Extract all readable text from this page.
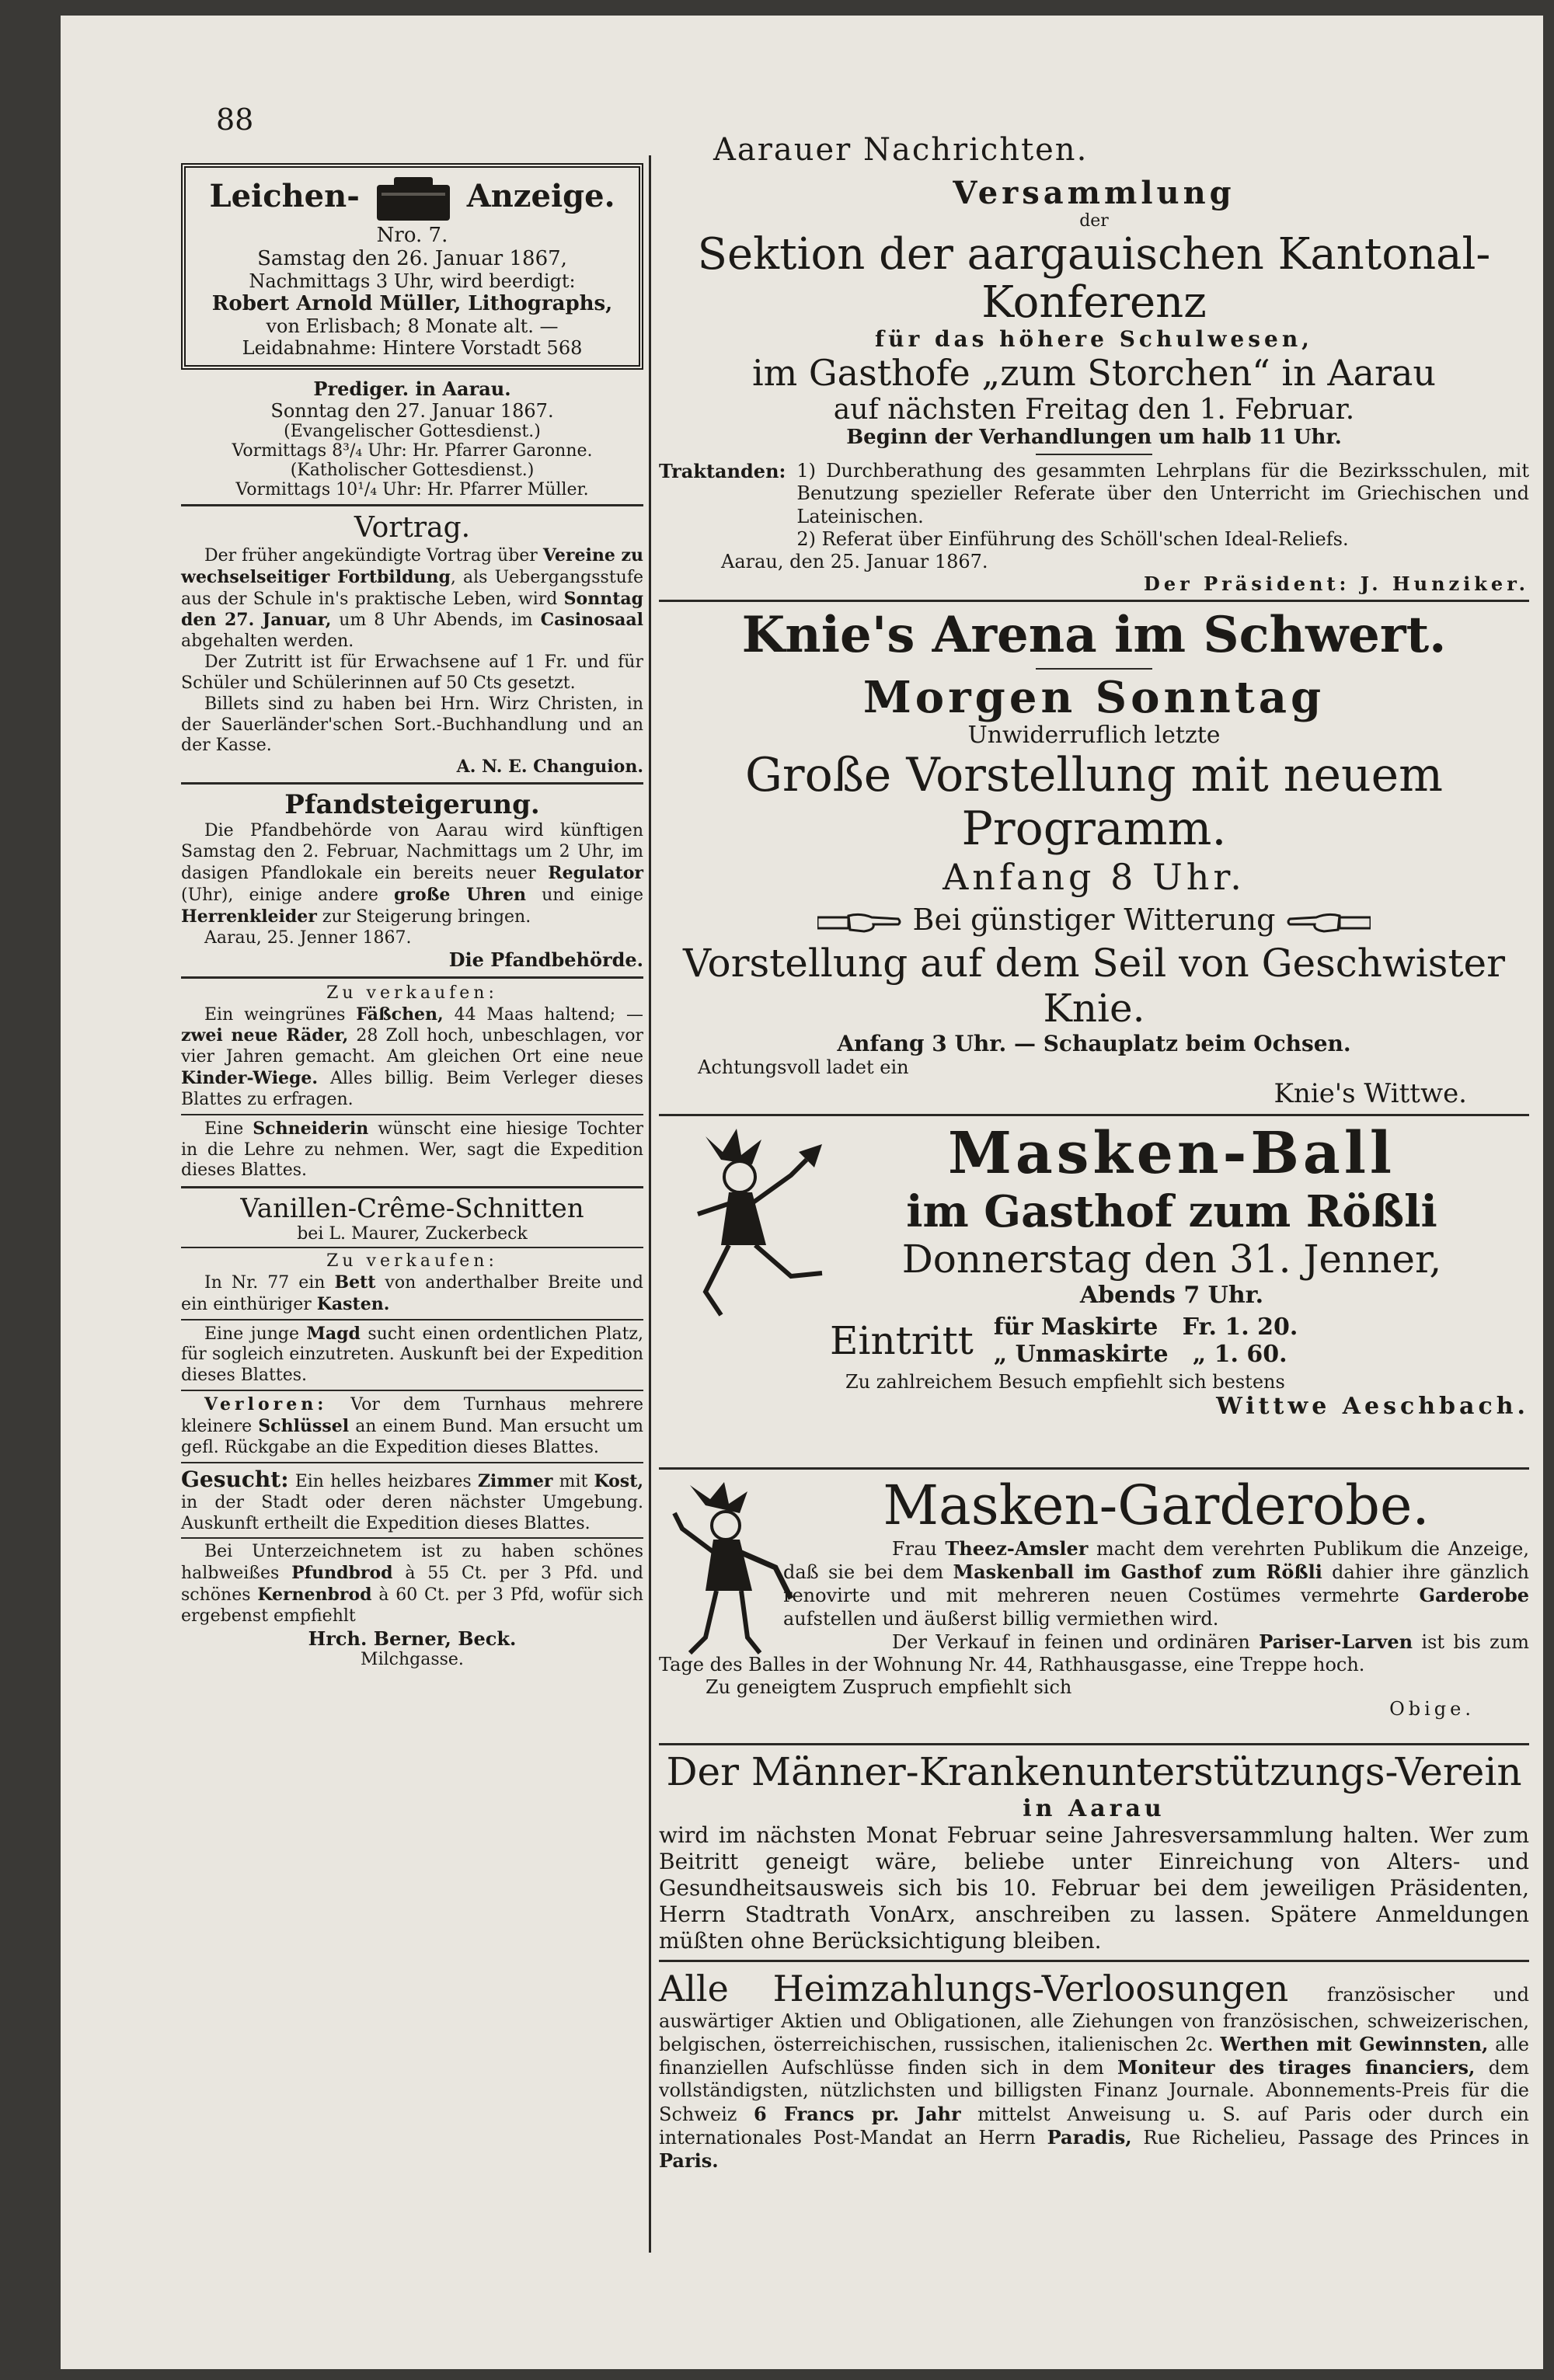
88
Aarauer Nachrichten.
Leichen-	Anzeige.

Nro. 7.

Samstag den 26. Januar 1867,

Nachmittags 3 Uhr, wird beerdigt:

Robert Arnold Müller, Lithographs,

von Erlisbach; 8 Monate alt. —

Leidabnahme: Hintere Vorstadt 568

Prediger. in Aarau.

Sonntag den 27. Januar 1867.

(Evangelischer Gottesdienst.)

Vormittags 8³/₄ Uhr: Hr. Pfarrer Garonne.

(Katholischer Gottesdienst.)

Vormittags 10¹/₄ Uhr: Hr. Pfarrer Müller.

Vortrag.

Der früher angekündigte Vortrag über Vereine zu wechselseitiger Fortbildung, als Uebergangsstufe aus der Schule in's praktische Leben, wird Sonntag den 27. Januar, um 8 Uhr Abends, im Casinosaal abgehalten werden.

Der Zutritt ist für Erwachsene auf 1 Fr. und für Schüler und Schülerinnen auf 50 Cts gesetzt.

Billets sind zu haben bei Hrn. Wirz Christen, in der Sauerländer'schen Sort.-Buchhandlung und an der Kasse.

A. N. E. Changuion.

Pfandsteigerung.

Die Pfandbehörde von Aarau wird künftigen Samstag den 2. Februar, Nachmittags um 2 Uhr, im dasigen Pfandlokale ein bereits neuer Regulator (Uhr), einige andere große Uhren und einige Herrenkleider zur Steigerung bringen.

Aarau, 25. Jenner 1867.

Die Pfandbehörde.

Zu verkaufen:

Ein weingrünes Fäßchen, 44 Maas haltend; — zwei neue Räder, 28 Zoll hoch, unbeschlagen, vor vier Jahren gemacht. Am gleichen Ort eine neue Kinder-Wiege. Alles billig. Beim Verleger dieses Blattes zu erfragen.

Eine Schneiderin wünscht eine hiesige Tochter in die Lehre zu nehmen. Wer, sagt die Expedition dieses Blattes.

Vanillen-Crême-Schnitten

bei L. Maurer, Zuckerbeck

Zu verkaufen:

In Nr. 77 ein Bett von anderthalber Breite und ein einthüriger Kasten.

Eine junge Magd sucht einen ordentlichen Platz, für sogleich einzutreten. Auskunft bei der Expedition dieses Blattes.

Verloren: Vor dem Turnhaus mehrere kleinere Schlüssel an einem Bund. Man ersucht um gefl. Rückgabe an die Expedition dieses Blattes.

Gesucht: Ein helles heizbares Zimmer mit Kost, in der Stadt oder deren nächster Umgebung. Auskunft ertheilt die Expedition dieses Blattes.

Bei Unterzeichnetem ist zu haben schönes halbweißes Pfundbrod à 55 Ct. per 3 Pfd. und schönes Kernenbrod à 60 Ct. per 3 Pfd, wofür sich ergebenst empfiehlt

Hrch. Berner, Beck.

Milchgasse.

Versammlung

der

Sektion der aargauischen Kantonal-Konferenz

für das höhere Schulwesen,

im Gasthofe „zum Storchen“ in Aarau

auf nächsten Freitag den 1. Februar.

Beginn der Verhandlungen um halb 11 Uhr.

Traktanden: 1) Durchberathung des gesammten Lehrplans für die Bezirksschulen, mit Benutzung spezieller Referate über den Unterricht im Griechischen und Lateinischen.

2) Referat über Einführung des Schöll'schen Ideal-Reliefs.

Aarau, den 25. Januar 1867.

Der Präsident: J. Hunziker.

Knie's Arena im Schwert.

Morgen Sonntag

Unwiderruflich letzte

Große Vorstellung mit neuem Programm.

Anfang 8 Uhr.

Bei günstiger Witterung

Vorstellung auf dem Seil von Geschwister Knie.

Anfang 3 Uhr. — Schauplatz beim Ochsen.

Achtungsvoll ladet ein

Knie's Wittwe.

Masken-Ball

im Gasthof zum Rößli

Donnerstag den 31. Jenner,

Abends 7 Uhr.

Eintritt für Maskirte Fr. 1. 20.

„ Unmaskirte „ 1. 60.

Zu zahlreichem Besuch empfiehlt sich bestens

Wittwe Aeschbach.

Masken-Garderobe.

Frau Theez-Amsler macht dem verehrten Publikum die Anzeige, daß sie bei dem Maskenball im Gasthof zum Rößli dahier ihre gänzlich renovirte und mit mehreren neuen Costümes vermehrte Garderobe aufstellen und äußerst billig vermiethen wird.

Der Verkauf in feinen und ordinären Pariser-Larven ist bis zum Tage des Balles in der Wohnung Nr. 44, Rathhausgasse, eine Treppe hoch.

Zu geneigtem Zuspruch empfiehlt sich

Obige.

Der Männer-Krankenunterstützungs-Verein

in Aarau

wird im nächsten Monat Februar seine Jahresversammlung halten. Wer zum Beitritt geneigt wäre, beliebe unter Einreichung von Alters- und Gesundheitsausweis sich bis 10. Februar bei dem jeweiligen Präsidenten, Herrn Stadtrath VonArx, anschreiben zu lassen. Spätere Anmeldungen müßten ohne Berücksichtigung bleiben.

Alle Heimzahlungs-Verloosungen französischer und auswärtiger Aktien und Obligationen, alle Ziehungen von französischen, schweizerischen, belgischen, österreichischen, russischen, italienischen 2c. Werthen mit Gewinnsten, alle finanziellen Aufschlüsse finden sich in dem Moniteur des tirages financiers, dem vollständigsten, nützlichsten und billigsten Finanz Journale. Abonnements-Preis für die Schweiz 6 Francs pr. Jahr mittelst Anweisung u. S. auf Paris oder durch ein internationales Post-Mandat an Herrn Paradis, Rue Richelieu, Passage des Princes in Paris.
